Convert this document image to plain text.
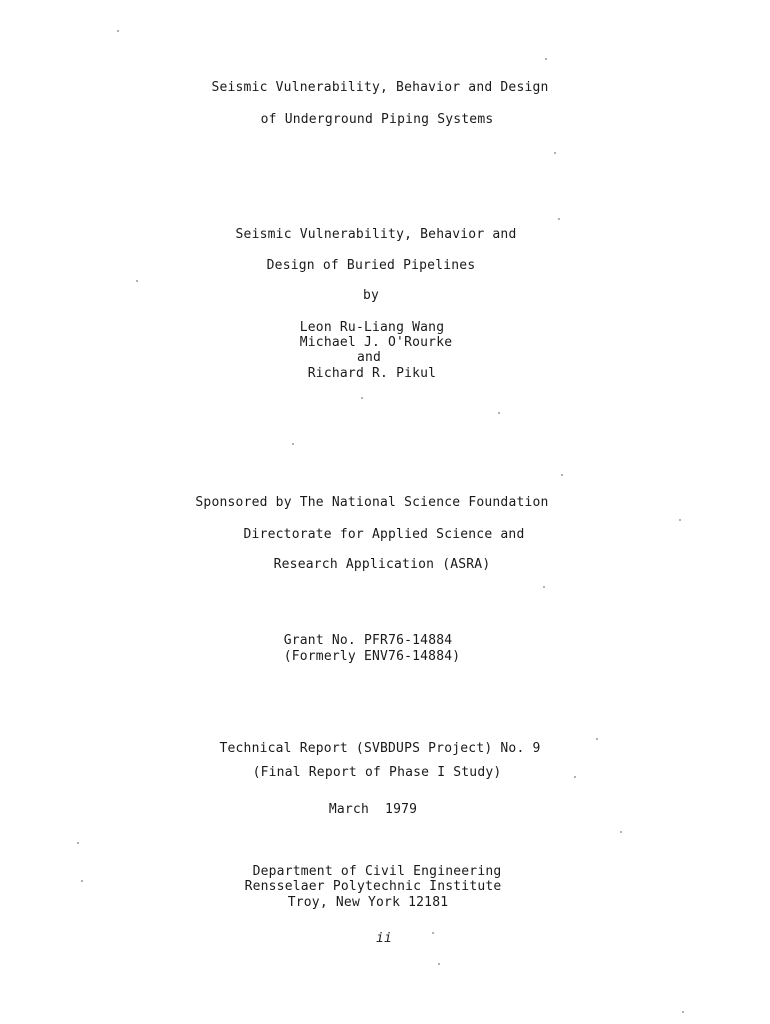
Seismic Vulnerability, Behavior and Design
of Underground Piping Systems
Seismic Vulnerability, Behavior and
Design of Buried Pipelines
by
Leon Ru-Liang Wang
Michael J. O'Rourke
and
Richard R. Pikul
Sponsored by The National Science Foundation
Directorate for Applied Science and
Research Application (ASRA)
Grant No. PFR76-14884
(Formerly ENV76-14884)
Technical Report (SVBDUPS Project) No. 9
(Final Report of Phase I Study)
March  1979
Department of Civil Engineering
Rensselaer Polytechnic Institute
Troy, New York 12181
ii
